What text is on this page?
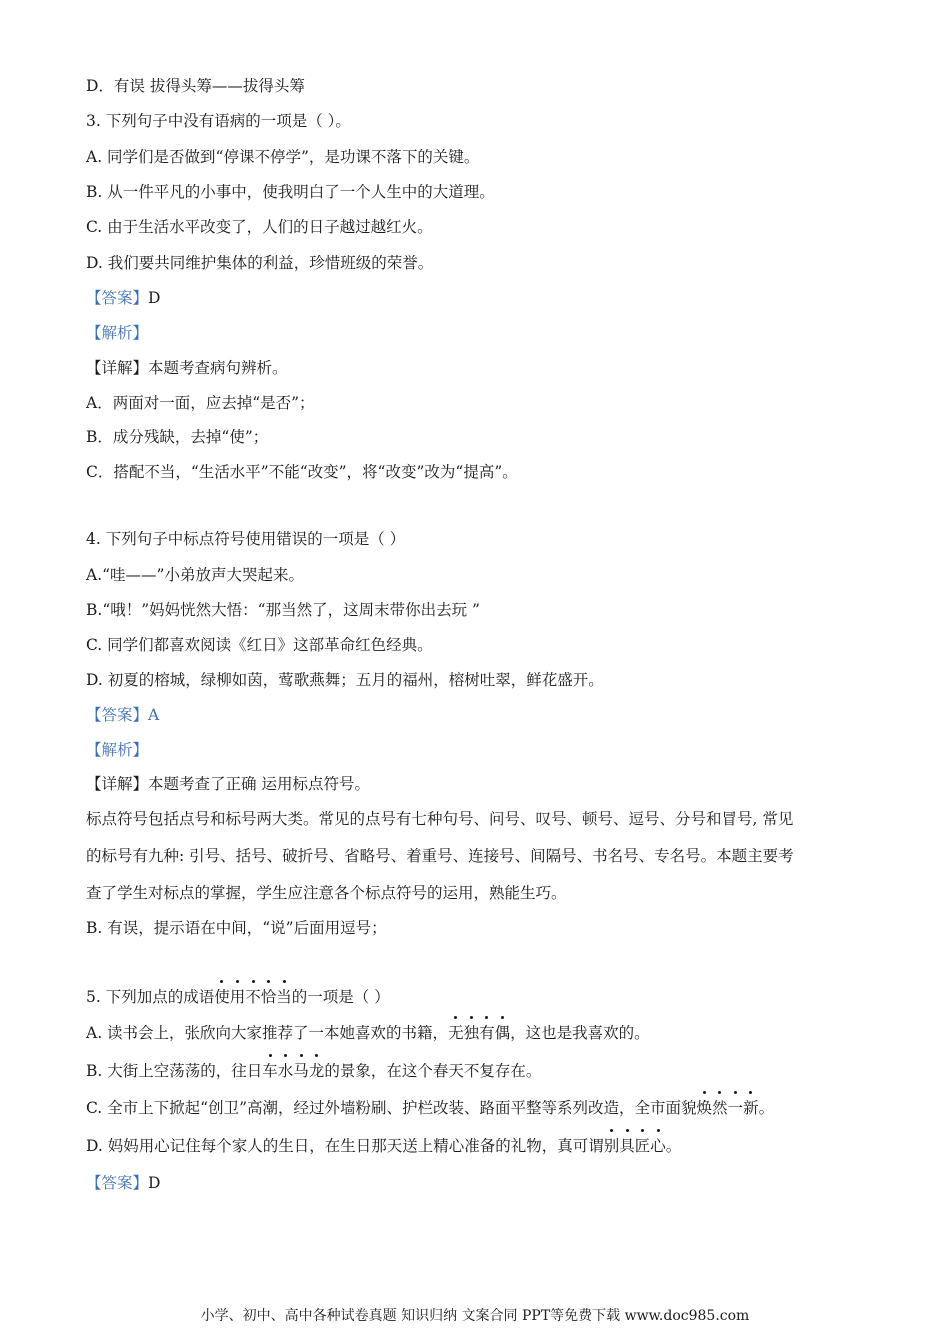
D．有误 拔得头筹——拔得头筹
3. 下列句子中没有语病的一项是（ ）。
A. 同学们是否做到“停课不停学”，是功课不落下的关键。
B. 从一件平凡的小事中，使我明白了一个人生中的大道理。
C. 由于生活水平改变了，人们的日子越过越红火。
D. 我们要共同维护集体的利益，珍惜班级的荣誉。
【答案】D
【解析】
【详解】本题考查病句辨析。
A．两面对一面，应去掉“是否”；
B．成分残缺，去掉“使”；
C．搭配不当，“生活水平”不能“改变”，将“改变”改为“提高”。
4. 下列句子中标点符号使用错误的一项是（ ）
A.“哇——”小弟放声大哭起来。
B.“哦！”妈妈恍然大悟：“那当然了，这周末带你出去玩 ”
C. 同学们都喜欢阅读《红日》这部革命红色经典。
D. 初夏的榕城，绿柳如茵，莺歌燕舞；五月的福州，榕树吐翠，鲜花盛开。
【答案】A
【解析】
【详解】本题考查了正确 运用标点符号。
标点符号包括点号和标号两大类。常见的点号有七种句号、问号、叹号、顿号、逗号、分号和冒号, 常见
的标号有九种: 引号、括号、破折号、省略号、着重号、连接号、间隔号、书名号、专名号。本题主要考
查了学生对标点的掌握，学生应注意各个标点符号的运用，熟能生巧。
B. 有误，提示语在中间，“说”后面用逗号；
5. 下列加点的成语使用不恰当的一项是（ ）
A. 读书会上，张欣向大家推荐了一本她喜欢的书籍，无独有偶，这也是我喜欢的。
B. 大街上空荡荡的，往日车水马龙的景象，在这个春天不复存在。
C. 全市上下掀起“创卫”高潮，经过外墙粉刷、护栏改装、路面平整等系列改造，全市面貌焕然一新。
D. 妈妈用心记住每个家人的生日，在生日那天送上精心准备的礼物，真可谓别具匠心。
【答案】D
小学、初中、高中各种试卷真题 知识归纳 文案合同 PPT等免费下载 www.doc985.com
